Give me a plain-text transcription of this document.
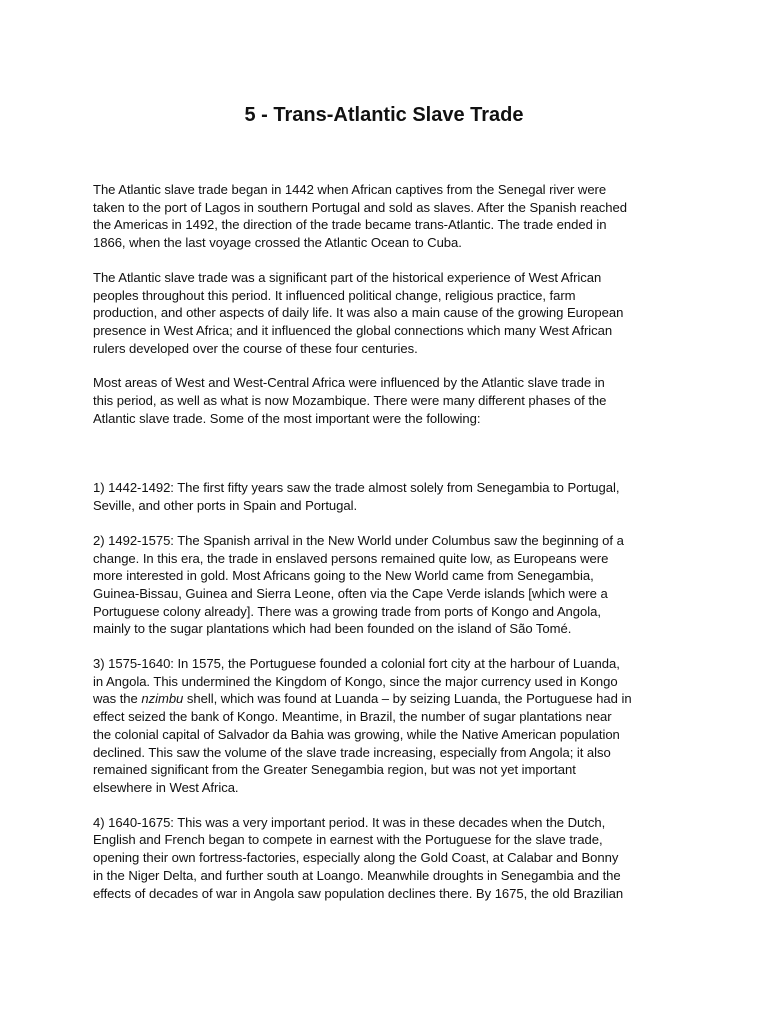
5 - Trans-Atlantic Slave Trade

The Atlantic slave trade began in 1442 when African captives from the Senegal river were
taken to the port of Lagos in southern Portugal and sold as slaves. After the Spanish reached
the Americas in 1492, the direction of the trade became trans-Atlantic. The trade ended in
1866, when the last voyage crossed the Atlantic Ocean to Cuba.

The Atlantic slave trade was a significant part of the historical experience of West African
peoples throughout this period. It influenced political change, religious practice, farm
production, and other aspects of daily life. It was also a main cause of the growing European
presence in West Africa; and it influenced the global connections which many West African
rulers developed over the course of these four centuries.

Most areas of West and West-Central Africa were influenced by the Atlantic slave trade in
this period, as well as what is now Mozambique. There were many different phases of the
Atlantic slave trade. Some of the most important were the following:

1) 1442-1492: The first fifty years saw the trade almost solely from Senegambia to Portugal,
Seville, and other ports in Spain and Portugal.

2) 1492-1575: The Spanish arrival in the New World under Columbus saw the beginning of a
change. In this era, the trade in enslaved persons remained quite low, as Europeans were
more interested in gold. Most Africans going to the New World came from Senegambia,
Guinea-Bissau, Guinea and Sierra Leone, often via the Cape Verde islands [which were a
Portuguese colony already]. There was a growing trade from ports of Kongo and Angola,
mainly to the sugar plantations which had been founded on the island of São Tomé.

3) 1575-1640: In 1575, the Portuguese founded a colonial fort city at the harbour of Luanda,
in Angola. This undermined the Kingdom of Kongo, since the major currency used in Kongo
was the nzimbu shell, which was found at Luanda – by seizing Luanda, the Portuguese had in
effect seized the bank of Kongo. Meantime, in Brazil, the number of sugar plantations near
the colonial capital of Salvador da Bahia was growing, while the Native American population
declined. This saw the volume of the slave trade increasing, especially from Angola; it also
remained significant from the Greater Senegambia region, but was not yet important
elsewhere in West Africa.

4) 1640-1675: This was a very important period. It was in these decades when the Dutch,
English and French began to compete in earnest with the Portuguese for the slave trade,
opening their own fortress-factories, especially along the Gold Coast, at Calabar and Bonny
in the Niger Delta, and further south at Loango. Meanwhile droughts in Senegambia and the
effects of decades of war in Angola saw population declines there. By 1675, the old Brazilian
